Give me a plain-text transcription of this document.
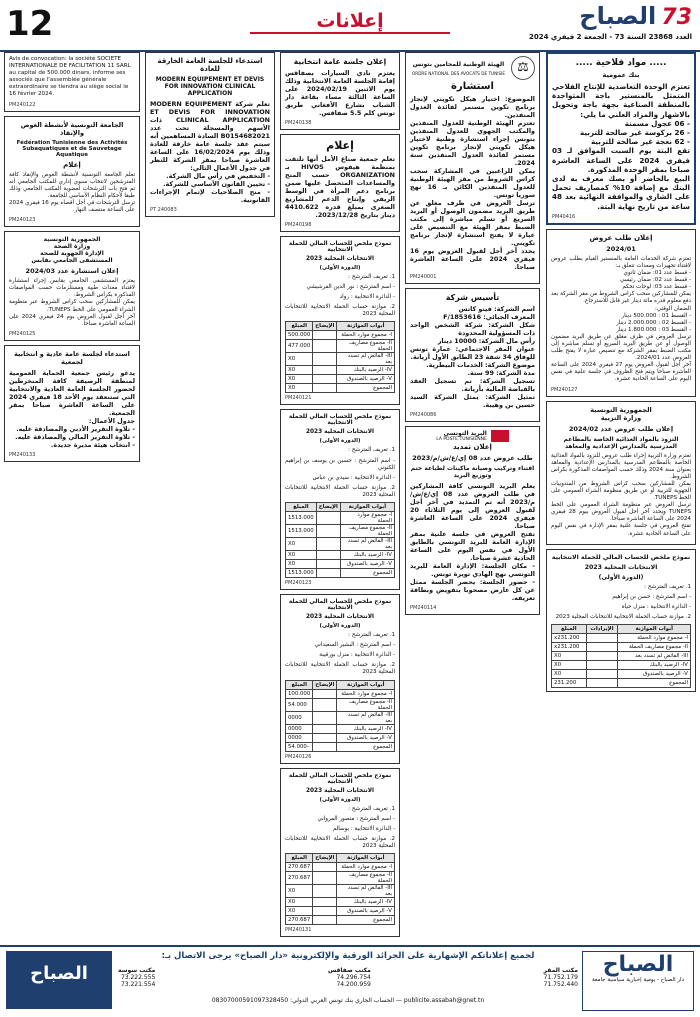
12	إعلانات	73 الصباح
العدد 23868 السنة 73 - الجمعة 2 فيفري 2024
..... مواد فلاحية .....
بنك عمومية
تعتزم الوحدة التعاضدية للإنتاج الفلاحي المتمثل بالمنستير باجة المتواجدة بالمنطقة الصناعية بجهة باجة وتحويل بالاشهار والمزاد العلني ما يلي:
- 06 عجول مسمنة
- 26 بركوسة غير صالحة للتربية
- 62 نعجة غير صالحة للتربية
تقع البتة يوم السبت الموافق لـ 03 فيفري 2024 على الساعة العاشرة صباحا بمقر الوحدة المذكورة.
البيع بالحاضر أو بصك معرف به لدى البنك مع إضافة 10% كمصاريف تحمل على الشاري والموافقة النهائية بعد 48 ساعة من تاريخ نهاية البتة.
PM40416
إعلان طلب عروض
2024/01
تعتزم شركة الخدمات العامة بالمنستير القيام بطلب عروض لاقتناء تجهيزات ومعدات تتعلق بـ:
- قسط عدد 01: ضمان ثانوي
- قسط عدد 02: ضمان رئيسي
- قسط عدد 03: لوحات تحكم
يمكن للمشاركين سحب كراس الشروط من مقر الشركة بعد دفع معلوم قدره مائة دينار غير قابل للاسترجاع.
الضمان الوقتي:
- القسط 01 : 500.000 دينار
- القسط 02 : 2.000.000 دينار
- القسط 03 : 1.800.000 دينار
ترسل العروض في ظرف مغلق عن طريق البريد مضمون الوصول أو عن طريق البريد السريع أو تسلم مباشرة إلى مكتب الضبط بمقر الشركة مع تنصيص عبارة لا يفتح طلب العروض عدد 2024/01.
آخر أجل لقبول العروض يوم 27 فيفري 2024 على الساعة العاشرة صباحا ويتم فتح الظروف في جلسة علنية في نفس اليوم على الساعة الحادية عشرة.
PM240127
الجمهورية التونسية
وزارة التربية
إعلان طلب عروض عدد 2024/02
التزود بالمواد الغذائية الخاصة بالمطاعم المدرسية بالمدارس الإعدادية والمعاهد
تعتزم وزارة التربية إجراء طلب عروض للتزود بالمواد الغذائية الخاصة بالمطاعم المدرسية بالمدارس الإعدادية والمعاهد بعنوان سنة 2024 وذلك حسب المواصفات المذكورة بكراس الشروط.
يمكن للمشاركين سحب كراس الشروط من المندوبيات الجهوية للتربية أو عن طريق منظومة الشراء العمومي على الخط TUNEPS.
ترسل العروض عبر منظومة الشراء العمومي على الخط TUNEPS ويحدد آخر أجل لقبول العروض بيوم 28 فيفري 2024 على الساعة العاشرة صباحا.
تفتح العروض في جلسة علنية بمقر الإدارة في نفس اليوم على الساعة الحادية عشرة.
نموذج ملخص للحساب المالي للحملة الانتخابية
الانتخابات المحلية 2023
(الدورة الأولى)
1. تعريف المترشح :
- اسم المترشح : حسن بن إبراهيم
- الدائرة الانتخابية : منزل حياة
2. موازنة حساب الحملة الانتخابية للانتخابات المحلية 2023
أبواب الموازنة	الإيرادات	المبلغ
I- مجموع موارد الحملة		x231.200
II- مجموع مصاريف الحملة		x231.200
III- الفائض لم تسدد بعد		X0
IV- الرصيد بالبنك		X0
V- الرصيد بالصندوق		X0
المجموع		231.200
⚖
الهيئة الوطنية للمحامين بتونس
ORDRE NATIONAL DES AVOCATS DE TUNISIE
استشارة
الموضوع: اختيار هيكل تكويني لإنجاز برنامج تكوين مستمر لفائدة العدول المنفذين.
تعتزم الهيئة الوطنية للعدول المنفذين والمكتب الجهوي للعدول المنفذين بتونس إجراء استشارة وطنية لاختيار هيكل تكويني لإنجاز برنامج تكوين مستمر لفائدة العدول المنفذين سنة 2024.
يمكن للراغبين في المشاركة سحب كراس الشروط من مقر الهيئة الوطنية للعدول المنفذين الكائن بـ 16 نهج سوريا تونس.
ترسل العروض في ظرف مغلق عن طريق البريد مضمون الوصول أو البريد السريع أو تسلم مباشرة إلى مكتب الضبط بمقر الهيئة مع التنصيص على عبارة لا يفتح استشارة لإنجاز برنامج تكويني.
يحدد آخر أجل لقبول العروض يوم 16 فيفري 2024 على الساعة العاشرة صباحا.
PM240001
تأسيس شركة
اسم الشركة: فيتو كاتس
المعرف الجبائي: 1853616/F
شكل الشركة: شركة الشخص الواحد ذات المسؤولية المحدودة
رأس مال الشركة: 10000 دينار
عنوان المقر الاجتماعي: عمارة تونس للوفاق 34 شقة 23 الطابق الأول أريانة.
موضوع الشركة: الخدمات البيطرية.
مدة الشركة: 99 سنة.
تسجيل الشركة: تم تسجيل العقد بالقباضة المالية بأريانة.
تمثيل الشركة: يمثل الشركة السيد حسين بن وهيبة.
PM240086
البريد التونسي
LA POSTE TUNISIENNE
إعلان تمديد
طلب عروض عدد 08 إي/ع/ش/م/2023
اقتناء وتركيب وصيانة ماكينات لطباعة ختم وتوزيع البريد
يعلم البريد التونسي كافة المشاركين في طلب العروض عدد 08 إي/ع/ش/م/2023 أنه تم التمديد في آخر أجل لقبول العروض إلى يوم الثلاثاء 20 فيفري 2024 على الساعة العاشرة صباحا.
تفتح العروض في جلسة علنية بمقر الإدارة العامة للبريد التونسي بالطابق الأول في نفس اليوم على الساعة الحادية عشرة صباحا.
- مكان الجلسة: الإدارة العامة للبريد التونسي نهج الهادي نويرة تونس.
- حضور الجلسة: يحضر الجلسة ممثل عن كل عارض مصحوبا بتفويض وبطاقة تعريفه.
PM240114
إعلان جلسة عامة انتخابية
يعتزم نادي السيارات بصفاقس إقامة الجلسة العامة الانتخابية وذلك يوم الاثنين 2024/02/19 على الساعة الثالثة مساء بقاعة دار الشباب بشارع الأفغاني طريق تونس كلم 5.5 صفاقس.
PM240138
إعلام
تعلم جمعية صناع الأمل أنها تلتقت بمنظمة هيفوس HIVOS بـ ORGANIZATION حسب المنح والمساعدات المتحصل عليها ضمن برنامج دعم المرأة في الوسط الريفي وإنتاج الدعم للمشاريع الصغرى بمبلغ قدره 4410.622 دينار بتاريخ 2023/12/28.
PM240198
نموذج ملخص للحساب المالي للحملة الانتخابية
الانتخابات المحلية 2023
(الدورة الأولى)
1. تعريف المترشح :
- اسم المترشح : نور الدين الفرشيشي
- الدائرة الانتخابية : رواد
2. موازنة حساب الحملة الانتخابية للانتخابات المحلية 2023
أبواب الموازنة	الإيضاح	المبلغ
I- مجموع موارد الحملة		500.000
II- مجموع مصاريف الحملة		477.000
III- الفائض لم تسدد بعد		X0
IV- الرصيد بالبنك		X0
V- الرصيد بالصندوق		X0
المجموع		X0
PM240121
نموذج ملخص للحساب المالي للحملة الانتخابية
الانتخابات المحلية 2023
(الدورة الأولى)
1. تعريف المترشح :
- اسم المترشح : حسين بن يوسف بن إبراهيم الكنوني
- الدائرة الانتخابية : سيدي بن عباس
2. موازنة حساب الحملة الانتخابية للانتخابات المحلية 2023
أبواب الموازنة	الإيضاح	المبلغ
I- مجموع موارد الحملة		1513.000
II- مجموع مصاريف الحملة		1513.000
III- الفائض لم تسدد بعد		X0
IV- الرصيد بالبنك		X0
V- الرصيد بالصندوق		X0
المجموع		1513.000
PM240123
نموذج ملخص للحساب المالي للحملة الانتخابية
الانتخابات المحلية 2023
(الدورة الأولى)
1. تعريف المترشح :
- اسم المترشح : البشير السعيداني
- الدائرة الانتخابية : منزل بورقيبة
2. موازنة حساب الحملة الانتخابية للانتخابات المحلية 2023
أبواب الموازنة	الإيضاح	المبلغ
I- مجموع موارد الحملة		100.000
II- مجموع مصاريف الحملة		54.000
III- الفائض لم تسدد بعد		0000
IV- الرصيد بالبنك		0000
V- الرصيد بالصندوق		0000
المجموع		54.000-
PM240126
نموذج ملخص للحساب المالي للحملة الانتخابية
الانتخابات المحلية 2023
(الدورة الأولى)
1. تعريف المترشح :
- اسم المترشح : منصور المرواني
- الدائرة الانتخابية : بوسالم
2. موازنة حساب الحملة الانتخابية للانتخابات المحلية 2023
أبواب الموازنة	الإيضاح	المبلغ
I- مجموع موارد الحملة		270.687
II- مجموع مصاريف الحملة		270.687
III- الفائض لم تسدد بعد		X0
IV- الرصيد بالبنك		X0
V- الرصيد بالصندوق		X0
المجموع		270.687
PM240131
استدعاء للجلسة العامة الخارقة للعادة
MODERN EQUIPEMENT ET DEVIS FOR INNOVATION CLINICAL APPLICATION
تعلم شركة MODERN EQUIPEMENT ET DEVIS FOR INNOVATION CLINICAL APPLICATION ذات الأسهم والمسجلة تحت عدد B0154682021 السادة المساهمين أنه سيتم عقد جلسة عامة خارقة للعادة وذلك يوم 16/02/2024 على الساعة العاشرة صباحا بمقر الشركة للنظر في جدول الأعمال التالي:
- التخفيض في رأس مال الشركة.
- تحيين القانون الأساسي للشركة.
- منح الصلاحيات لإتمام الإجراءات القانونية.
PT 240083
Avis de convocation: la société SOCIETE INTERNATIONALE DE FACILITATION 11 SARL au capital de 500.000 dinars, informe ses associés que l'assemblée générale extraordinaire se tiendra au siège social le 16 février 2024.
PM240122
الجامعة التونسية لأنشطة الغوص والإنقاذ
Fédération Tunisienne des Activités Subaquatiques et de Sauvetage Aquatique
إعلام
تعلم الجامعة التونسية لأنشطة الغوص والإنقاذ كافة المترشحين لانتخاب سنوي إداري للمكتب الجامعي أنه تم فتح باب الترشحات لعضوية المكتب الجامعي وذلك طبقا لأحكام النظام الأساسي للجامعة.
ترسل الترشحات في أجل أقصاه يوم 16 فيفري 2024 على الساعة منتصف النهار.
PM240123
الجمهورية التونسية
وزارة الصحة
الإدارة الجهوية للصحة
المستشفى الجامعي بقابس
إعلان استشارة عدد 2024/03
يعتزم المستشفى الجامعي بقابس إجراء استشارة لاقتناء معدات طبية ومستلزمات حسب المواصفات المذكورة بكراس الشروط.
يمكن للمشاركين سحب كراس الشروط عبر منظومة الشراء العمومي على الخط TUNEPS.
آخر أجل لقبول العروض يوم 24 فيفري 2024 على الساعة العاشرة صباحا.
PM240125
استدعاء لجلسة عامة عادية و انتخابية لجمعية
يدعو رئيس جمعية الحماية العمومية لمنطقة الرصيفة كافة المنخرطين لحضور الجلسة العامة العادية والانتخابية التي ستنعقد يوم الأحد 18 فيفري 2024 على الساعة العاشرة صباحا بمقر الجمعية.
جدول الأعمال:
- تلاوة التقرير الأدبي والمصادقة عليه.
- تلاوة التقرير المالي والمصادقة عليه.
- انتخاب هيئة مديرة جديدة.
PM240133
الصباح
دار الصباح - يومية إخبارية سياسية جامعة
لجميع إعلاناتكم الإشهارية على الجرائد الورقية والإلكترونية «دار الصباح» يرجى الاتصال بـ:
مكتب المقر
71.752.179
71.752.440
مكتب صفاقس
74.296.754
74.200.959
مكتب سوسة
73.222.555
73.221.554
publicite.assabah@gnet.tn — الحساب الجاري بنك تونس العربي الدولي: 08307000591097328450
الصباح
